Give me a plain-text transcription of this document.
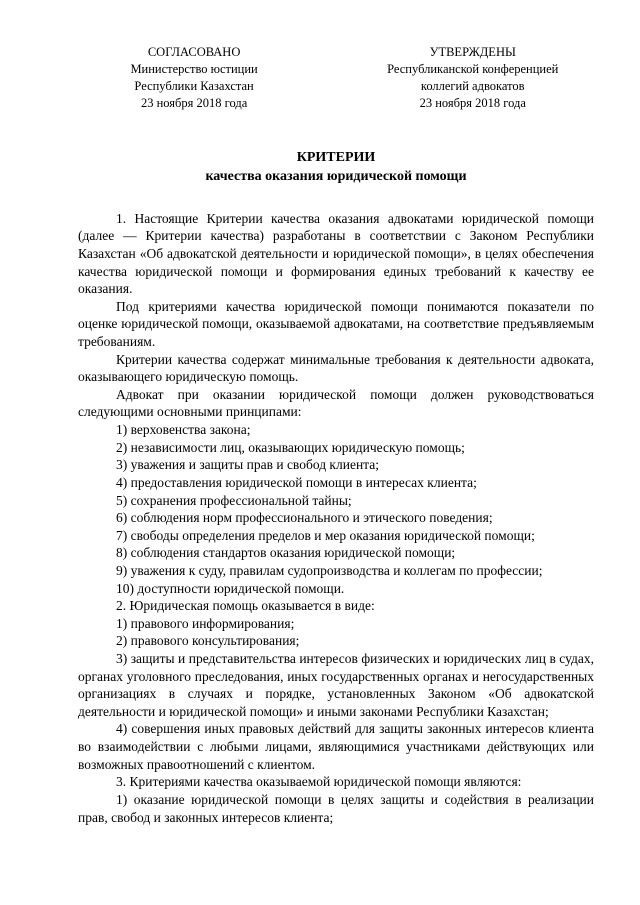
СОГЛАСОВАНО
Министерство юстиции
Республики Казахстан
23 ноября 2018 года
УТВЕРЖДЕНЫ
Республиканской конференцией
коллегий адвокатов
23 ноября 2018 года
КРИТЕРИИ
качества оказания юридической помощи

1. Настоящие Критерии качества оказания адвокатами юридической помощи (далее — Критерии качества) разработаны в соответствии с Законом Республики Казахстан «Об адвокатской деятельности и юридической помощи», в целях обеспечения качества юридической помощи и формирования единых требований к качеству ее оказания.

Под критериями качества юридической помощи понимаются показатели по оценке юридической помощи, оказываемой адвокатами, на соответствие предъявляемым требованиям.

Критерии качества содержат минимальные требования к деятельности адвоката, оказывающего юридическую помощь.

Адвокат при оказании юридической помощи должен руководствоваться следующими основными принципами:

1) верховенства закона;

2) независимости лиц, оказывающих юридическую помощь;

3) уважения и защиты прав и свобод клиента;

4) предоставления юридической помощи в интересах клиента;

5) сохранения профессиональной тайны;

6) соблюдения норм профессионального и этического поведения;

7) свободы определения пределов и мер оказания юридической помощи;

8) соблюдения стандартов оказания юридической помощи;

9) уважения к суду, правилам судопроизводства и коллегам по профессии;

10) доступности юридической помощи.

2. Юридическая помощь оказывается в виде:

1) правового информирования;

2) правового консультирования;

3) защиты и представительства интересов физических и юридических лиц в судах, органах уголовного преследования, иных государственных органах и негосударственных организациях в случаях и порядке, установленных Законом «Об адвокатской деятельности и юридической помощи» и иными законами Республики Казахстан;

4) совершения иных правовых действий для защиты законных интересов клиента во взаимодействии с любыми лицами, являющимися участниками действующих или возможных правоотношений с клиентом.

3. Критериями качества оказываемой юридической помощи являются:

1) оказание юридической помощи в целях защиты и содействия в реализации прав, свобод и законных интересов клиента;
